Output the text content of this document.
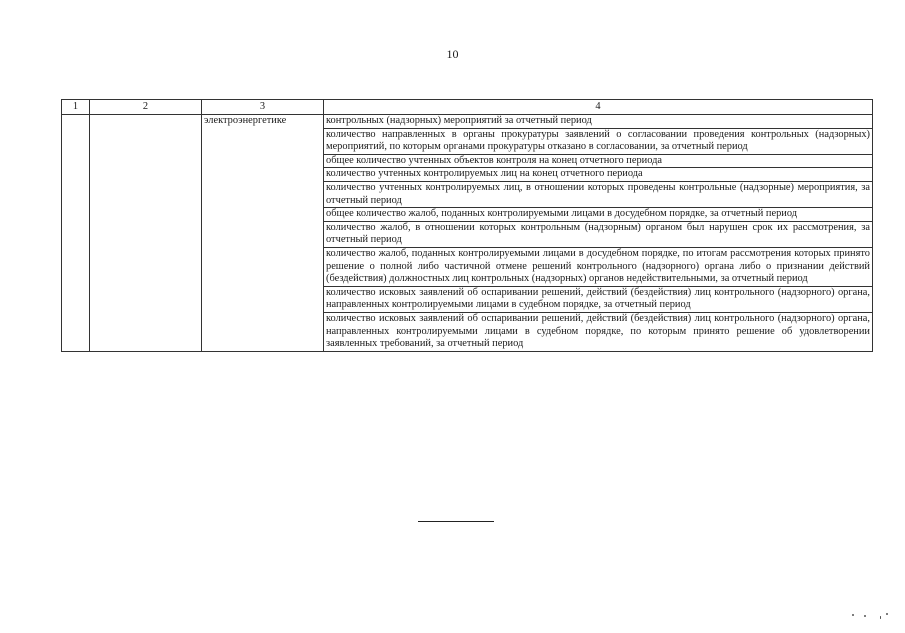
10
1	2	3	4
		электроэнергетике	контрольных (надзорных) мероприятий за отчетный период
			количество направленных в органы прокуратуры заявлений о согласовании проведения контрольных (надзорных) мероприятий, по которым органами прокуратуры отказано в согласовании, за отчетный период
			общее количество учтенных объектов контроля на конец отчетного периода
			количество учтенных контролируемых лиц на конец отчетного периода
			количество учтенных контролируемых лиц, в отношении которых проведены контрольные (надзорные) мероприятия, за отчетный период
			общее количество жалоб, поданных контролируемыми лицами в досудебном порядке, за отчетный период
			количество жалоб, в отношении которых контрольным (надзорным) органом был нарушен срок их рассмотрения, за отчетный период
			количество жалоб, поданных контролируемыми лицами в досудебном порядке, по итогам рассмотрения которых принято решение о полной либо частичной отмене решений контрольного (надзорного) органа либо о признании действий (бездействия) должностных лиц контрольных (надзорных) органов недействительными, за отчетный период
			количество исковых заявлений об оспаривании решений, действий (бездействия) лиц контрольного (надзорного) органа, направленных контролируемыми лицами в судебном порядке, за отчетный период
			количество исковых заявлений об оспаривании решений, действий (бездействия) лиц контрольного (надзорного) органа, направленных контролируемыми лицами в судебном порядке, по которым принято решение об удовлетворении заявленных требований, за отчетный период
